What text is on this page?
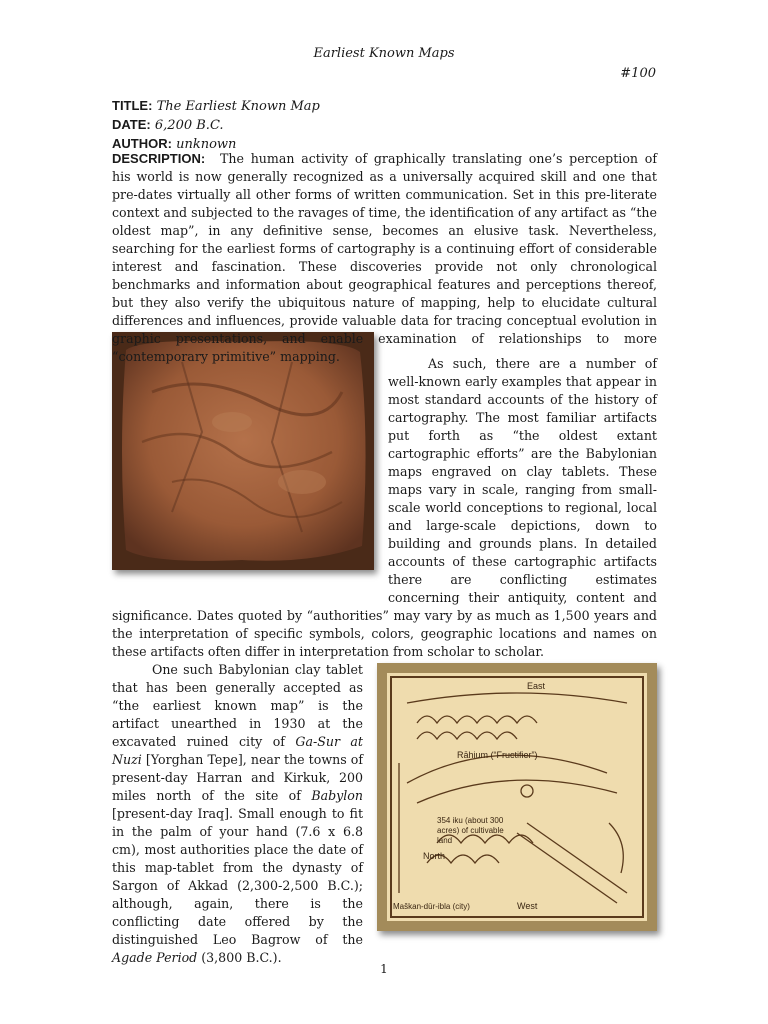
Earliest Known Maps
#100
TITLE: The Earliest Known Map
DATE: 6,200 B.C.
AUTHOR: unknown
DESCRIPTION:	The human activity of graphically translating one’s perception of his world is now generally recognized as a universally acquired skill and one that pre-dates virtually all other forms of written communication. Set in this pre-literate context and subjected to the ravages of time, the identification of any artifact as “the oldest map”, in any definitive sense, becomes an elusive task. Nevertheless, searching for the earliest forms of cartography is a continuing effort of considerable interest and fascination. These discoveries provide not only chronological benchmarks and information about geographical features and perceptions thereof, but they also verify the ubiquitous nature of mapping, help to elucidate cultural differences and influences, provide valuable data for tracing conceptual evolution in graphic presentations, and enable examination of relationships to more “contemporary primitive” mapping.	As such, there are a number of well-known early examples that appear in most standard accounts of the history of cartography. The most familiar artifacts put forth as “the oldest extant cartographic efforts” are the Babylonian maps engraved on clay tablets. These maps vary in scale, ranging from small-scale world conceptions to regional, local and large-scale depictions, down to building and grounds plans. In detailed accounts of these cartographic artifacts there are conflicting estimates concerning their antiquity, content and significance. Dates quoted by “authorities” may vary by as much as 1,500 years and the interpretation of specific symbols, colors, geographic locations and names on these artifacts often differ in interpretation from scholar to scholar.
East
Rāhium (“Fructifier”)
354 iku (about 300
acres) of cultivable
land
North
Maškan-dūr-ibla (city)	West
One such Babylonian clay tablet that has been generally accepted as “the earliest known map” is the artifact unearthed in 1930 at the excavated ruined city of Ga-Sur at Nuzi [Yorghan Tepe], near the towns of present-day Harran and Kirkuk, 200 miles north of the site of Babylon [present-day Iraq]. Small enough to fit in the palm of your hand (7.6 x 6.8 cm), most authorities place the date of this map-tablet from the dynasty of Sargon of Akkad (2,300-2,500 B.C.); although, again, there is the conflicting date offered by the distinguished Leo Bagrow of the Agade Period (3,800 B.C.).
1
